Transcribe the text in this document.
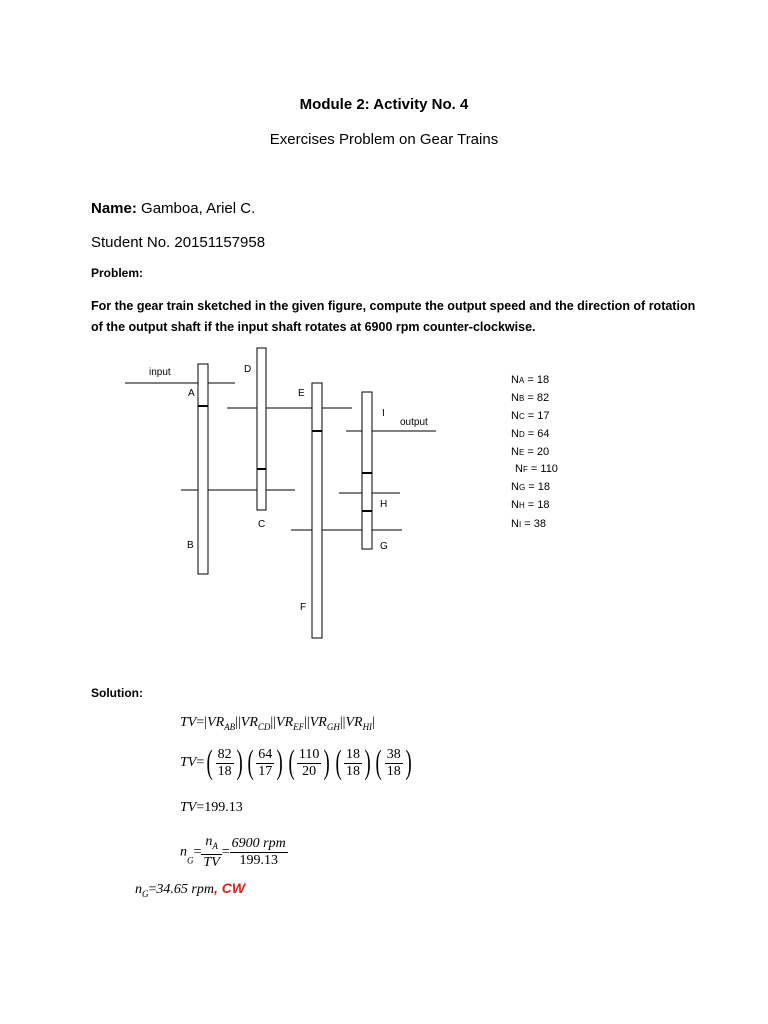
Module 2: Activity No. 4
Exercises Problem on Gear Trains
Name: Gamboa, Ariel C.
Student No. 20151157958
Problem:
For the gear train sketched in the given figure, compute the output speed and the direction of rotation of the output shaft if the input shaft rotates at 6900 rpm counter-clockwise.
input
output
A
B
C
D
E
F
G
H
I
NA = 18
NB = 82
NC = 17
ND = 64
NE = 20
NF = 110
NG = 18
NH = 18
NI = 38
Solution:
$TV=|VR_{AB}||VR_{CD}||VR_{EF}||VR_{GH}||VR_{HI}|$
$TV=( \frac{82}{18}$ ) ( $\frac{64}{17}$ ) ( $\frac{110}{20}$ ) ( $\frac{18}{18}$ ) ( $\frac{38}{18}$ )
TV=199.13
$n_G= \frac{n_A}{TV} = \frac{\text{6900 rpm}}{199.13}$
$n_G=34.65$ rpm, CW
